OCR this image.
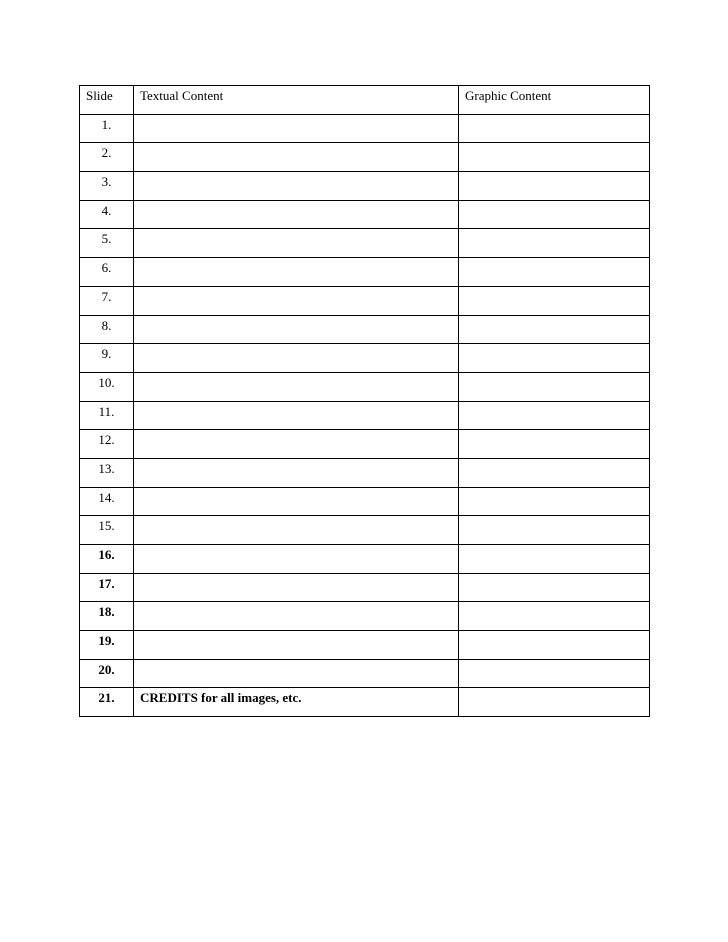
Slide	Textual Content	Graphic Content
1.		
2.		
3.		
4.		
5.		
6.		
7.		
8.		
9.		
10.		
11.		
12.		
13.		
14.		
15.		
16.		
17.		
18.		
19.		
20.		
21.	CREDITS for all images, etc.	
